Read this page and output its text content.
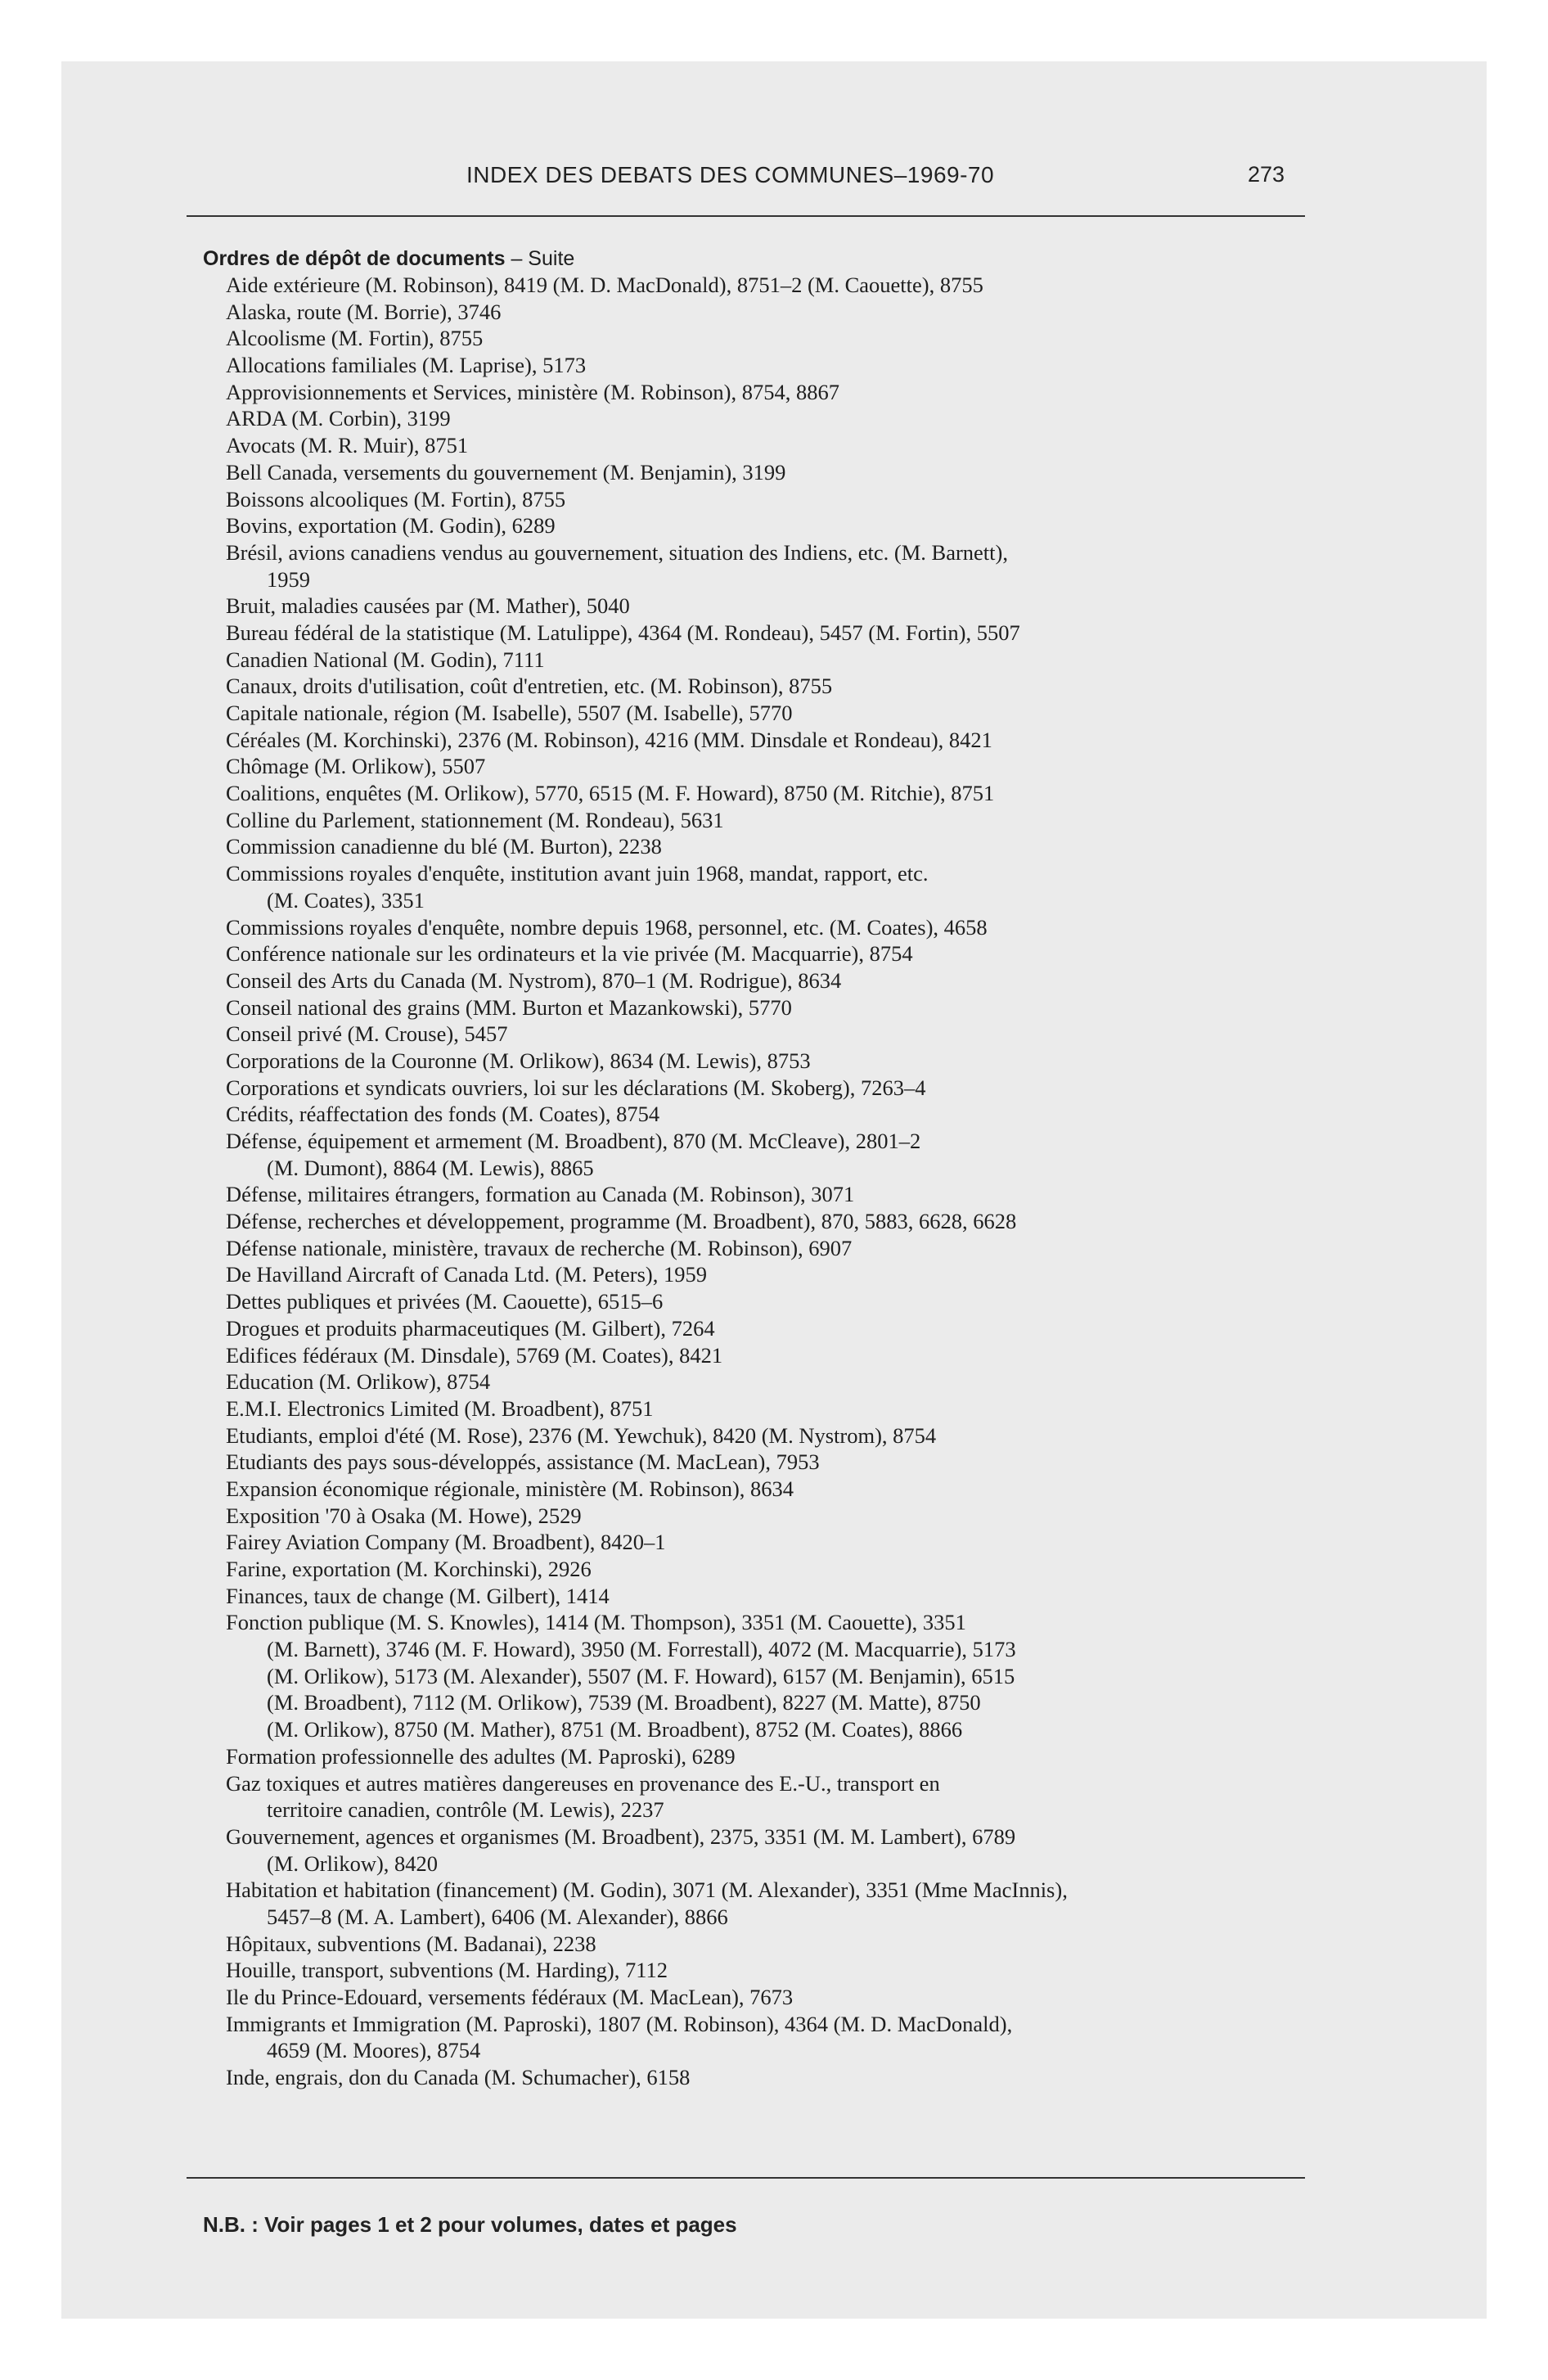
INDEX DES DEBATS DES COMMUNES–1969-70	273
Ordres de dépôt de documents – Suite
Aide extérieure (M. Robinson), 8419 (M. D. MacDonald), 8751–2 (M. Caouette), 8755
Alaska, route (M. Borrie), 3746
Alcoolisme (M. Fortin), 8755
Allocations familiales (M. Laprise), 5173
Approvisionnements et Services, ministère (M. Robinson), 8754, 8867
ARDA (M. Corbin), 3199
Avocats (M. R. Muir), 8751
Bell Canada, versements du gouvernement (M. Benjamin), 3199
Boissons alcooliques (M. Fortin), 8755
Bovins, exportation (M. Godin), 6289
Brésil, avions canadiens vendus au gouvernement, situation des Indiens, etc. (M. Barnett),
1959
Bruit, maladies causées par (M. Mather), 5040
Bureau fédéral de la statistique (M. Latulippe), 4364 (M. Rondeau), 5457 (M. Fortin), 5507
Canadien National (M. Godin), 7111
Canaux, droits d'utilisation, coût d'entretien, etc. (M. Robinson), 8755
Capitale nationale, région (M. Isabelle), 5507 (M. Isabelle), 5770
Céréales (M. Korchinski), 2376 (M. Robinson), 4216 (MM. Dinsdale et Rondeau), 8421
Chômage (M. Orlikow), 5507
Coalitions, enquêtes (M. Orlikow), 5770, 6515 (M. F. Howard), 8750 (M. Ritchie), 8751
Colline du Parlement, stationnement (M. Rondeau), 5631
Commission canadienne du blé (M. Burton), 2238
Commissions royales d'enquête, institution avant juin 1968, mandat, rapport, etc.
(M. Coates), 3351
Commissions royales d'enquête, nombre depuis 1968, personnel, etc. (M. Coates), 4658
Conférence nationale sur les ordinateurs et la vie privée (M. Macquarrie), 8754
Conseil des Arts du Canada (M. Nystrom), 870–1 (M. Rodrigue), 8634
Conseil national des grains (MM. Burton et Mazankowski), 5770
Conseil privé (M. Crouse), 5457
Corporations de la Couronne (M. Orlikow), 8634 (M. Lewis), 8753
Corporations et syndicats ouvriers, loi sur les déclarations (M. Skoberg), 7263–4
Crédits, réaffectation des fonds (M. Coates), 8754
Défense, équipement et armement (M. Broadbent), 870 (M. McCleave), 2801–2
(M. Dumont), 8864 (M. Lewis), 8865
Défense, militaires étrangers, formation au Canada (M. Robinson), 3071
Défense, recherches et développement, programme (M. Broadbent), 870, 5883, 6628, 6628
Défense nationale, ministère, travaux de recherche (M. Robinson), 6907
De Havilland Aircraft of Canada Ltd. (M. Peters), 1959
Dettes publiques et privées (M. Caouette), 6515–6
Drogues et produits pharmaceutiques (M. Gilbert), 7264
Edifices fédéraux (M. Dinsdale), 5769 (M. Coates), 8421
Education (M. Orlikow), 8754
E.M.I. Electronics Limited (M. Broadbent), 8751
Etudiants, emploi d'été (M. Rose), 2376 (M. Yewchuk), 8420 (M. Nystrom), 8754
Etudiants des pays sous-développés, assistance (M. MacLean), 7953
Expansion économique régionale, ministère (M. Robinson), 8634
Exposition '70 à Osaka (M. Howe), 2529
Fairey Aviation Company (M. Broadbent), 8420–1
Farine, exportation (M. Korchinski), 2926
Finances, taux de change (M. Gilbert), 1414
Fonction publique (M. S. Knowles), 1414 (M. Thompson), 3351 (M. Caouette), 3351
(M. Barnett), 3746 (M. F. Howard), 3950 (M. Forrestall), 4072 (M. Macquarrie), 5173
(M. Orlikow), 5173 (M. Alexander), 5507 (M. F. Howard), 6157 (M. Benjamin), 6515
(M. Broadbent), 7112 (M. Orlikow), 7539 (M. Broadbent), 8227 (M. Matte), 8750
(M. Orlikow), 8750 (M. Mather), 8751 (M. Broadbent), 8752 (M. Coates), 8866
Formation professionnelle des adultes (M. Paproski), 6289
Gaz toxiques et autres matières dangereuses en provenance des E.-U., transport en
territoire canadien, contrôle (M. Lewis), 2237
Gouvernement, agences et organismes (M. Broadbent), 2375, 3351 (M. M. Lambert), 6789
(M. Orlikow), 8420
Habitation et habitation (financement) (M. Godin), 3071 (M. Alexander), 3351 (Mme MacInnis),
5457–8 (M. A. Lambert), 6406 (M. Alexander), 8866
Hôpitaux, subventions (M. Badanai), 2238
Houille, transport, subventions (M. Harding), 7112
Ile du Prince-Edouard, versements fédéraux (M. MacLean), 7673
Immigrants et Immigration (M. Paproski), 1807 (M. Robinson), 4364 (M. D. MacDonald),
4659 (M. Moores), 8754
Inde, engrais, don du Canada (M. Schumacher), 6158
N.B. : Voir pages 1 et 2 pour volumes, dates et pages
